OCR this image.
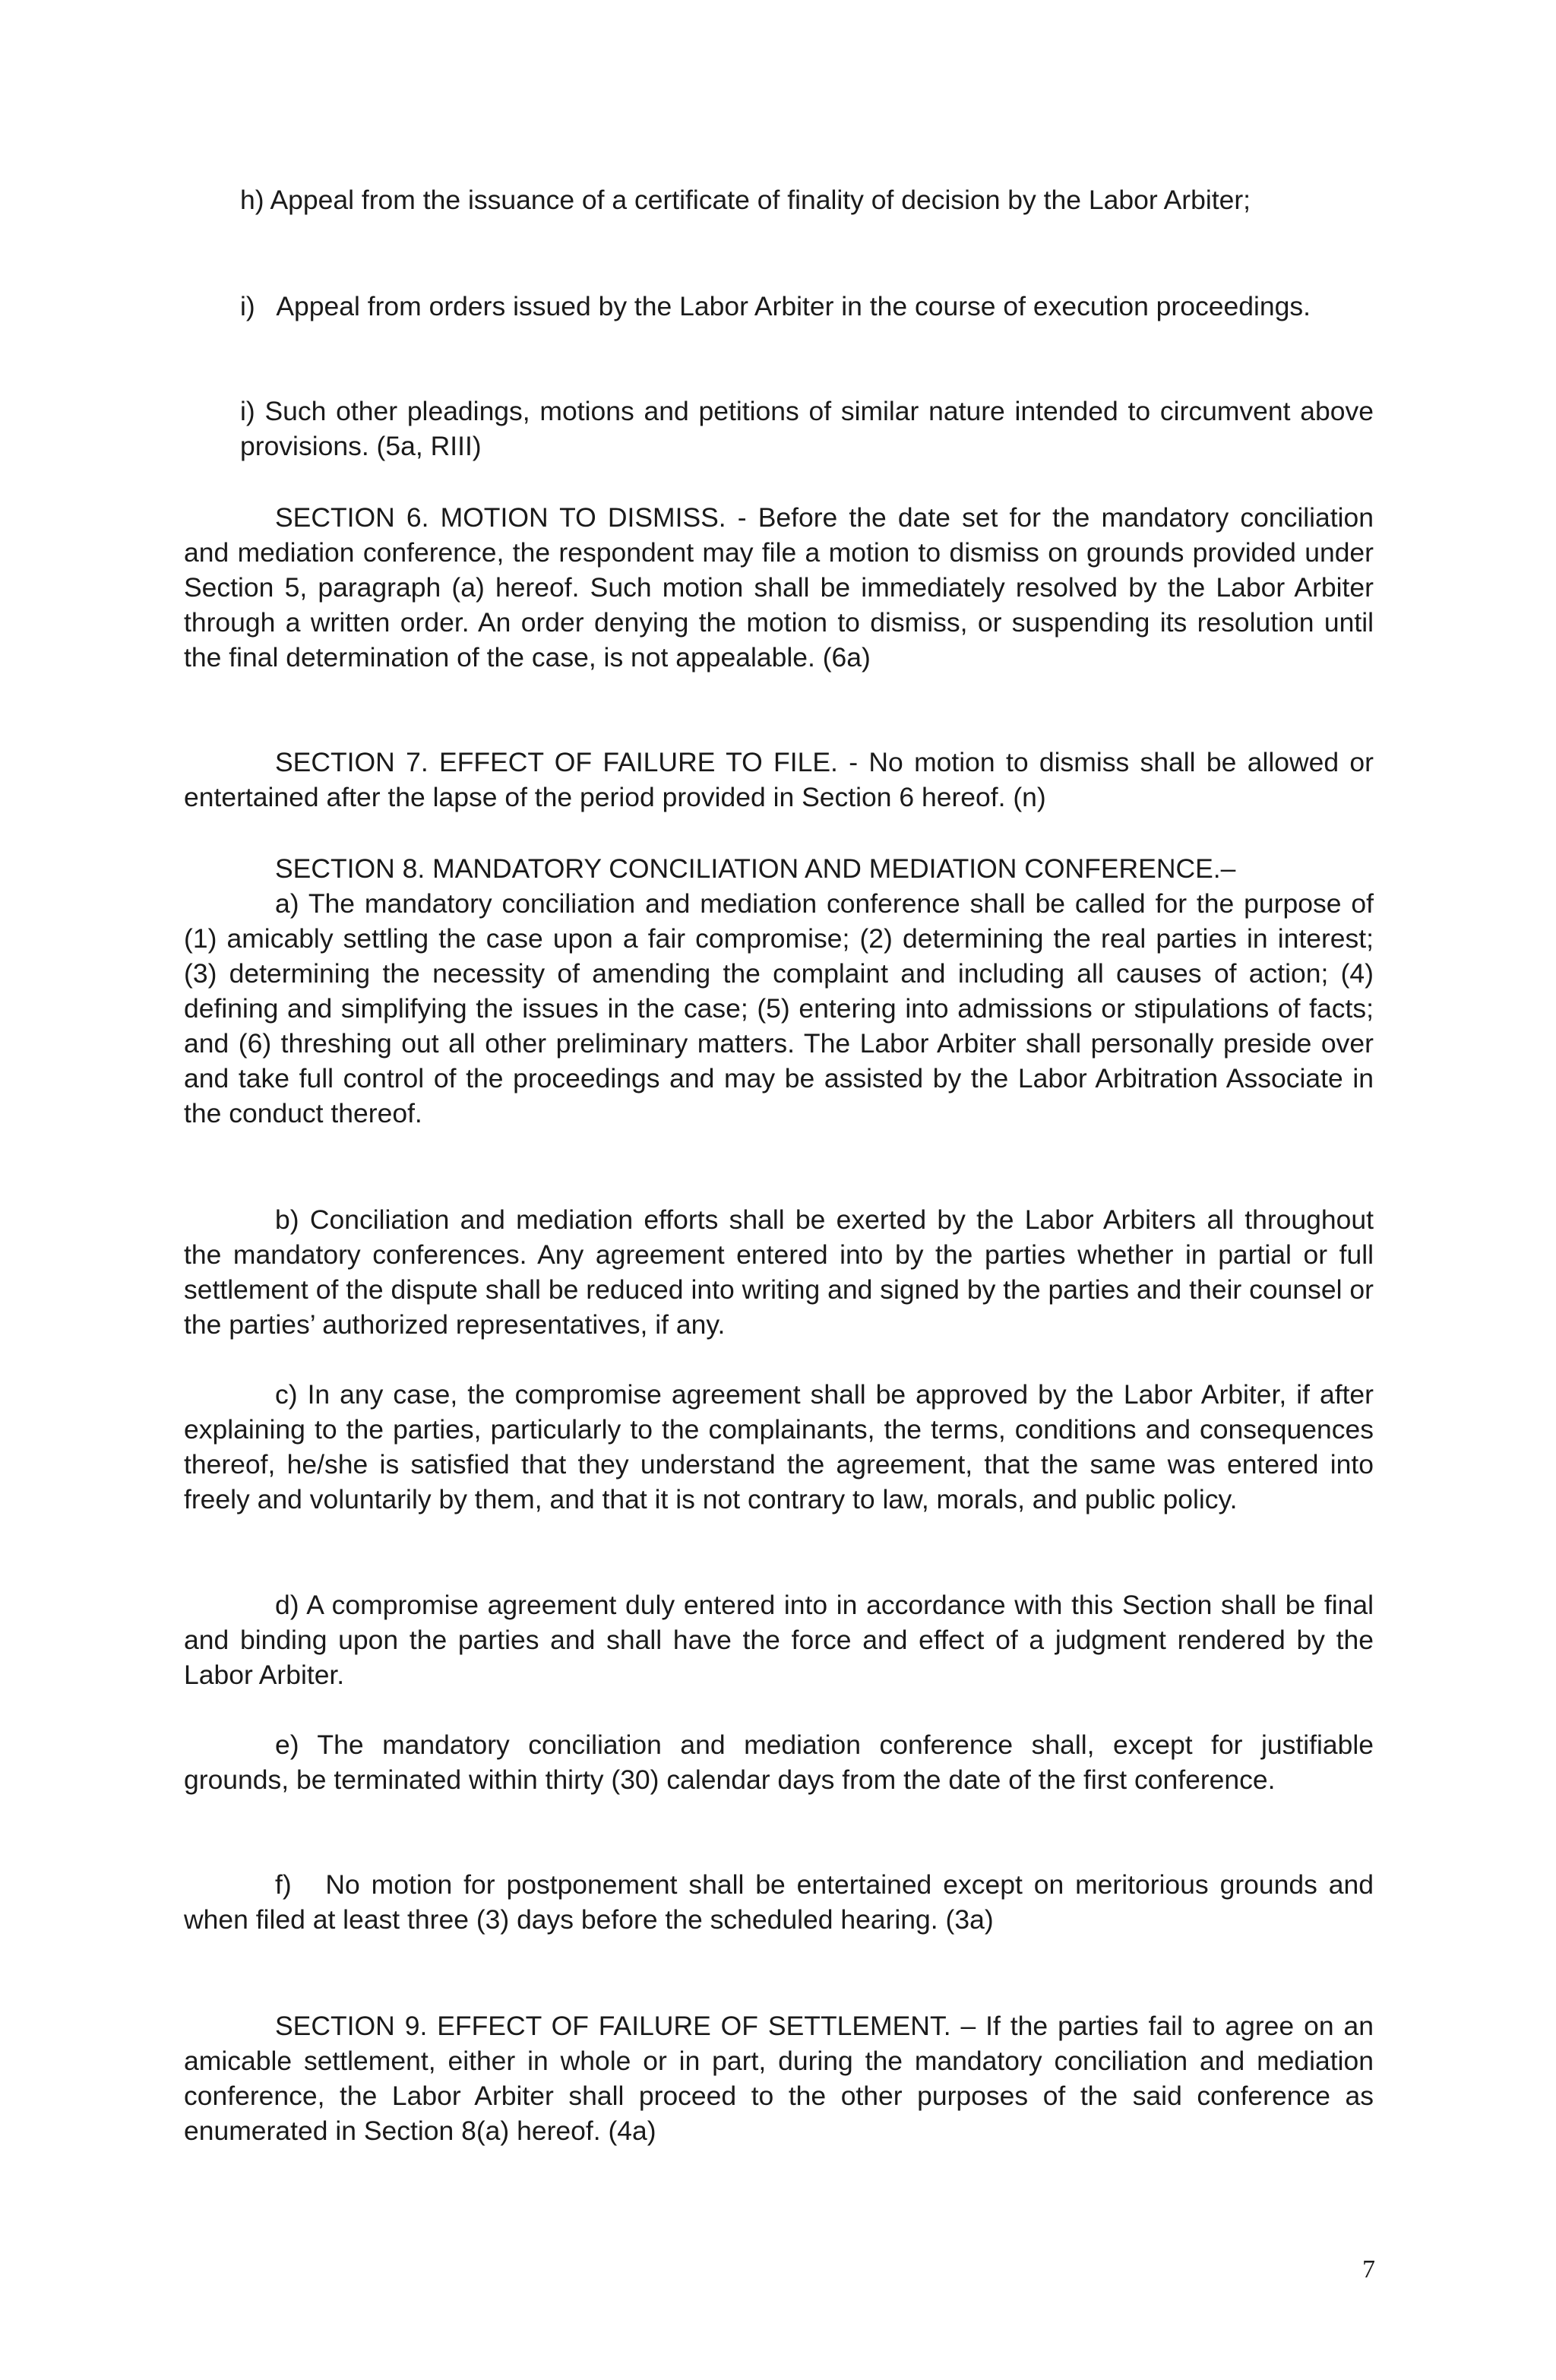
h) Appeal from the issuance of a certificate of finality of decision by the Labor Arbiter;

i)   Appeal from orders issued by the Labor Arbiter in the course of execution proceedings.

i) Such other pleadings, motions and petitions of similar nature intended to circumvent above provisions. (5a, RIII)

SECTION 6. MOTION TO DISMISS. - Before the date set for the mandatory conciliation and mediation conference, the respondent may file a motion to dismiss on grounds provided under Section 5, paragraph (a) hereof. Such motion shall be immediately resolved by the Labor Arbiter through a written order. An order denying the motion to dismiss, or suspending its resolution until the final determination of the case, is not appealable. (6a)

SECTION 7. EFFECT OF FAILURE TO FILE. - No motion to dismiss shall be allowed or entertained after the lapse of the period provided in Section 6 hereof. (n)

SECTION 8. MANDATORY CONCILIATION AND MEDIATION CONFERENCE.–
a) The mandatory conciliation and mediation conference shall be called for the purpose of (1) amicably settling the case upon a fair compromise; (2) determining the real parties in interest; (3) determining the necessity of amending the complaint and including all causes of action; (4) defining and simplifying the issues in the case; (5) entering into admissions or stipulations of facts; and (6) threshing out all other preliminary matters. The Labor Arbiter shall personally preside over and take full control of the proceedings and may be assisted by the Labor Arbitration Associate in the conduct thereof.

b) Conciliation and mediation efforts shall be exerted by the Labor Arbiters all throughout the mandatory conferences. Any agreement entered into by the parties whether in partial or full settlement of the dispute shall be reduced into writing and signed by the parties and their counsel or the parties’ authorized representatives, if any.

c) In any case, the compromise agreement shall be approved by the Labor Arbiter, if after explaining to the parties, particularly to the complainants, the terms, conditions and consequences thereof, he/she is satisfied that they understand the agreement, that the same was entered into freely and voluntarily by them, and that it is not contrary to law, morals, and public policy.

d) A compromise agreement duly entered into in accordance with this Section shall be final and binding upon the parties and shall have the force and effect of a judgment rendered by the Labor Arbiter.

e) The mandatory conciliation and mediation conference shall, except for justifiable grounds, be terminated within thirty (30) calendar days from the date of the first conference.

f)   No motion for postponement shall be entertained except on meritorious grounds and when filed at least three (3) days before the scheduled hearing. (3a)

SECTION 9. EFFECT OF FAILURE OF SETTLEMENT. – If the parties fail to agree on an amicable settlement, either in whole or in part, during the mandatory conciliation and mediation conference, the Labor Arbiter shall proceed to the other purposes of the said conference as enumerated in Section 8(a) hereof. (4a)

7
